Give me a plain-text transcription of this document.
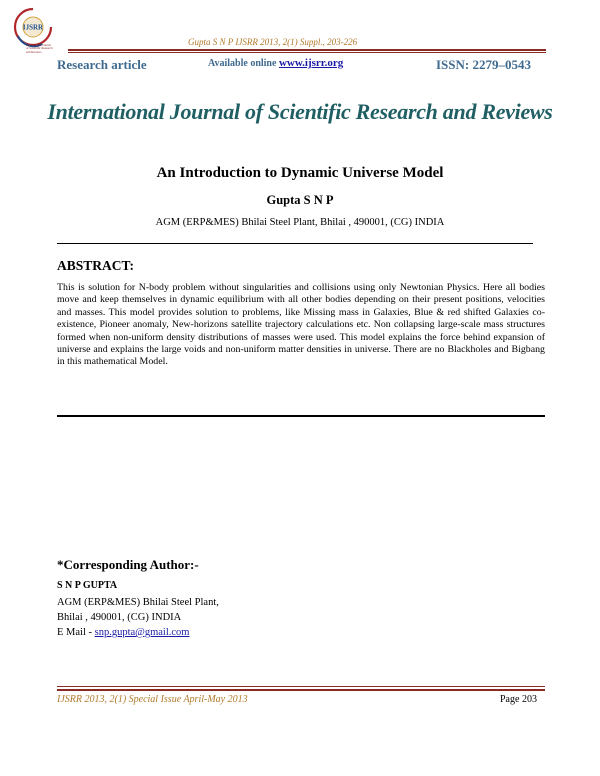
IJSRR
International Journal
of Scientific Research
and Reviews
Gupta S N P IJSRR 2013, 2(1) Suppl., 203-226
Research article	Available online www.ijsrr.org	ISSN: 2279–0543
International Journal of Scientific Research and Reviews
An Introduction to Dynamic Universe Model
Gupta S N P
AGM (ERP&MES) Bhilai Steel Plant, Bhilai , 490001, (CG) INDIA
ABSTRACT:
This is solution for N-body problem without singularities and collisions using only Newtonian Physics. Here all bodies move and keep themselves in dynamic equilibrium with all other bodies depending on their present positions, velocities and masses. This model provides solution to problems, like Missing mass in Galaxies, Blue & red shifted Galaxies co-existence, Pioneer anomaly, New-horizons satellite trajectory calculations etc. Non collapsing large-scale mass structures formed when non-uniform density distributions of masses were used. This model explains the force behind expansion of universe and explains the large voids and non-uniform matter densities in universe. There are no Blackholes and Bigbang in this mathematical Model.
*Corresponding Author:-
S N P GUPTA
AGM (ERP&MES) Bhilai Steel Plant,
Bhilai , 490001, (CG) INDIA
E Mail - snp.gupta@gmail.com
IJSRR 2013, 2(1) Special Issue April-May 2013	Page 203
